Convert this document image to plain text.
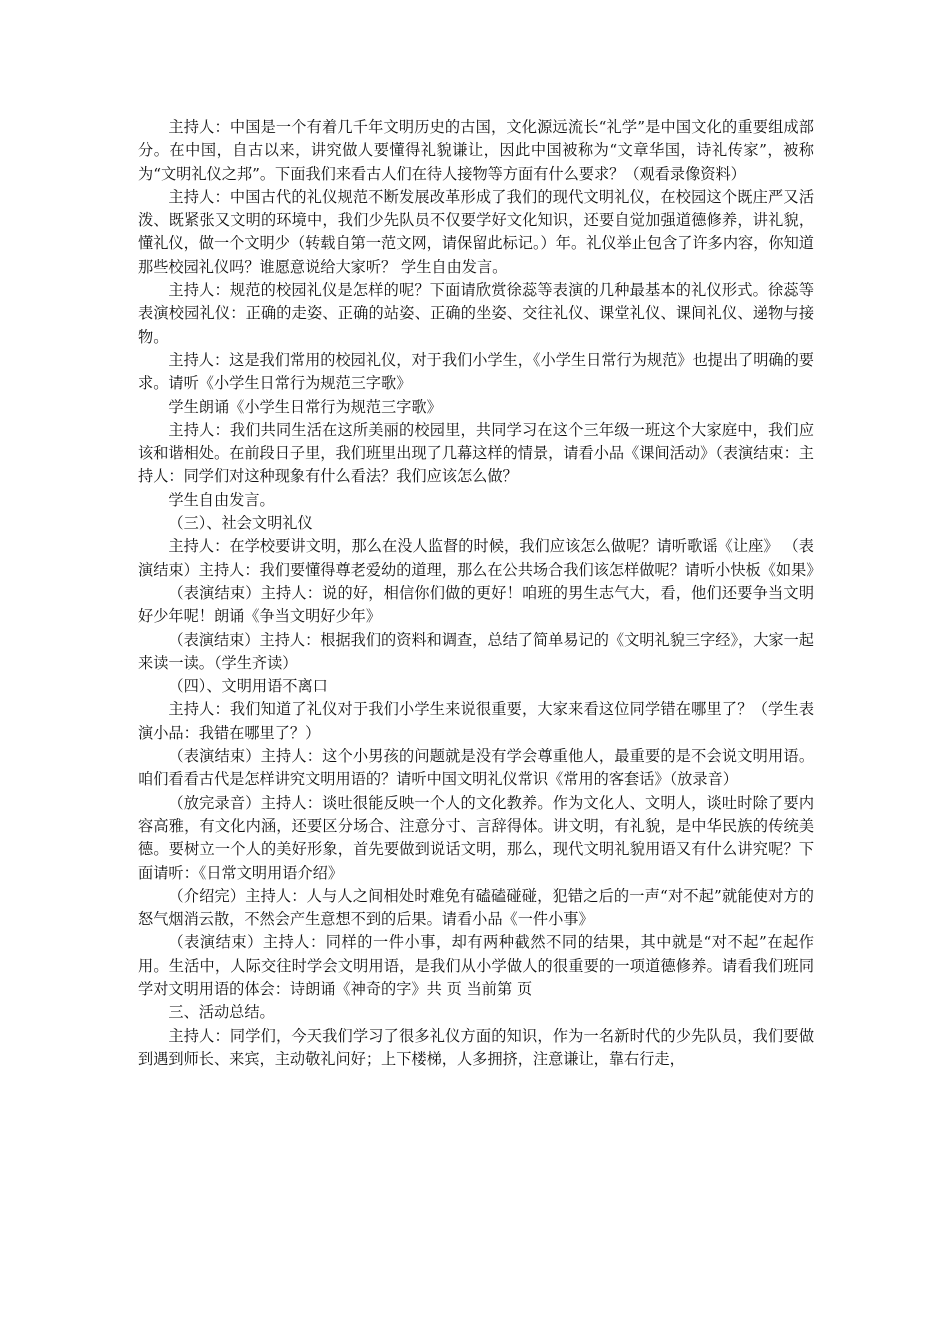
主持人：中国是一个有着几千年文明历史的古国，文化源远流长“礼学”是中国文化的重要组成部分。在中国，自古以来，讲究做人要懂得礼貌谦让，因此中国被称为“文章华国，诗礼传家”，被称为“文明礼仪之邦”。下面我们来看古人们在待人接物等方面有什么要求？（观看录像资料）

主持人：中国古代的礼仪规范不断发展改革形成了我们的现代文明礼仪，在校园这个既庄严又活泼、既紧张又文明的环境中，我们少先队员不仅要学好文化知识，还要自觉加强道德修养，讲礼貌，懂礼仪，做一个文明少（转载自第一范文网，请保留此标记。）年。礼仪举止包含了许多内容，你知道那些校园礼仪吗？谁愿意说给大家听？ 学生自由发言。

主持人：规范的校园礼仪是怎样的呢？下面请欣赏徐蕊等表演的几种最基本的礼仪形式。徐蕊等表演校园礼仪：正确的走姿、正确的站姿、正确的坐姿、交往礼仪、课堂礼仪、课间礼仪、递物与接物。

主持人：这是我们常用的校园礼仪，对于我们小学生，《小学生日常行为规范》也提出了明确的要求。请听《小学生日常行为规范三字歌》

学生朗诵《小学生日常行为规范三字歌》

主持人：我们共同生活在这所美丽的校园里，共同学习在这个三年级一班这个大家庭中，我们应该和谐相处。在前段日子里，我们班里出现了几幕这样的情景，请看小品《课间活动》（表演结束：主持人：同学们对这种现象有什么看法？我们应该怎么做？

学生自由发言。

（三）、社会文明礼仪

主持人：在学校要讲文明，那么在没人监督的时候，我们应该怎么做呢？请听歌谣《让座》 （表演结束）主持人：我们要懂得尊老爱幼的道理，那么在公共场合我们该怎样做呢？请听小快板《如果》

（表演结束）主持人：说的好，相信你们做的更好！咱班的男生志气大，看，他们还要争当文明好少年呢！朗诵《争当文明好少年》

（表演结束）主持人：根据我们的资料和调查，总结了简单易记的《文明礼貌三字经》，大家一起来读一读。（学生齐读）

（四）、文明用语不离口

主持人：我们知道了礼仪对于我们小学生来说很重要，大家来看这位同学错在哪里了？（学生表演小品：我错在哪里了？）

（表演结束）主持人：这个小男孩的问题就是没有学会尊重他人，最重要的是不会说文明用语。咱们看看古代是怎样讲究文明用语的？请听中国文明礼仪常识《常用的客套话》（放录音）

（放完录音）主持人：谈吐很能反映一个人的文化教养。作为文化人、文明人，谈吐时除了要内容高雅，有文化内涵，还要区分场合、注意分寸、言辞得体。讲文明，有礼貌，是中华民族的传统美德。要树立一个人的美好形象，首先要做到说话文明，那么，现代文明礼貌用语又有什么讲究呢？下面请听：《日常文明用语介绍》

（介绍完）主持人：人与人之间相处时难免有磕磕碰碰，犯错之后的一声“对不起”就能使对方的怒气烟消云散，不然会产生意想不到的后果。请看小品《一件小事》

（表演结束）主持人：同样的一件小事，却有两种截然不同的结果，其中就是“对不起”在起作用。生活中，人际交往时学会文明用语，是我们从小学做人的很重要的一项道德修养。请看我们班同学对文明用语的体会：诗朗诵《神奇的字》共 页 当前第 页

三、活动总结。

主持人：同学们，今天我们学习了很多礼仪方面的知识，作为一名新时代的少先队员，我们要做到遇到师长、来宾，主动敬礼问好；上下楼梯，人多拥挤，注意谦让，靠右行走，
